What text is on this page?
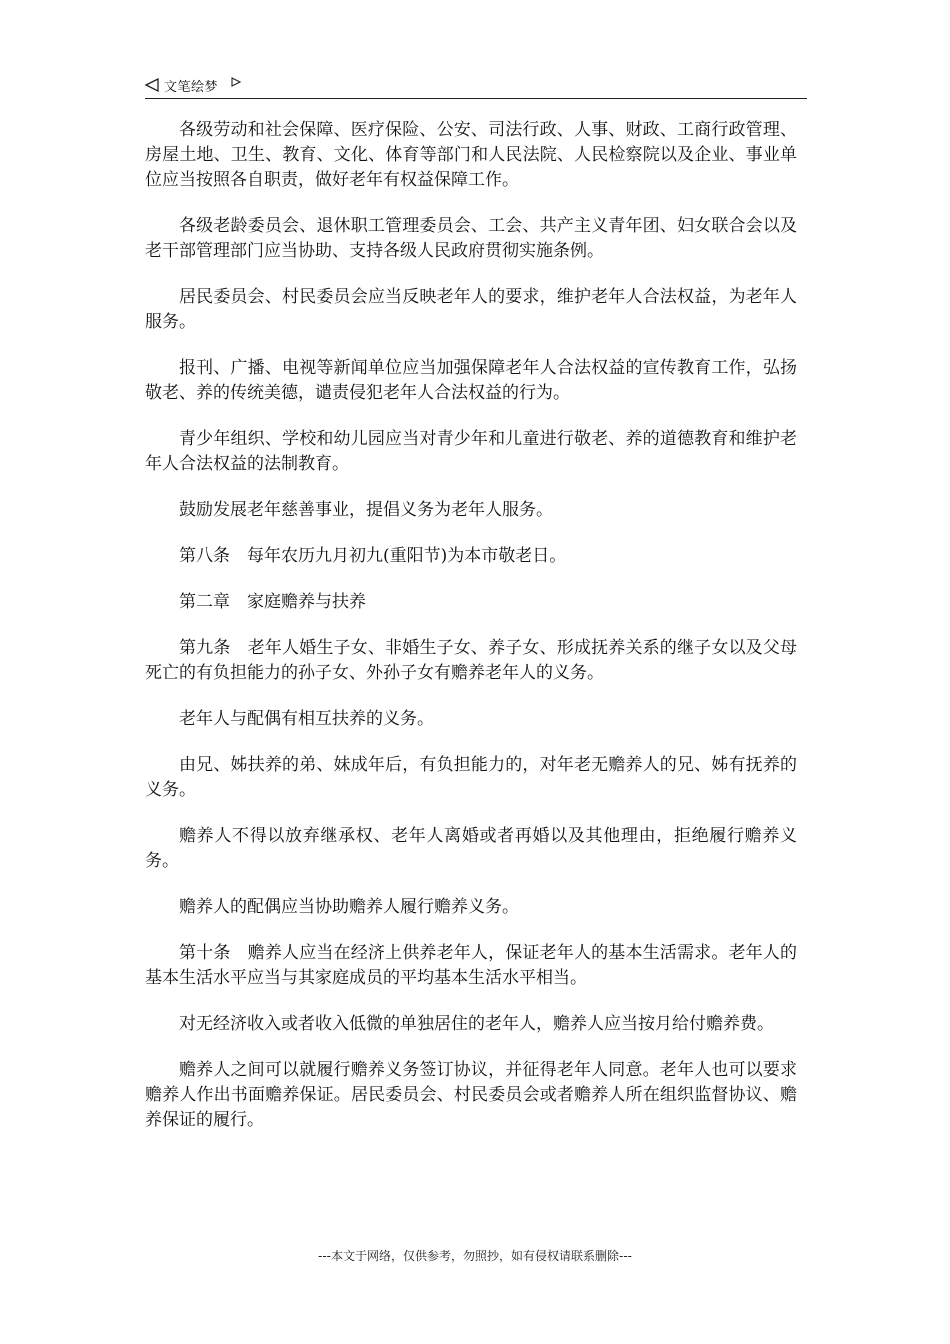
文笔绘梦

各级劳动和社会保障、医疗保险、公安、司法行政、人事、财政、工商行政管理、房屋土地、卫生、教育、文化、体育等部门和人民法院、人民检察院以及企业、事业单位应当按照各自职责，做好老年有权益保障工作。

各级老龄委员会、退休职工管理委员会、工会、共产主义青年团、妇女联合会以及老干部管理部门应当协助、支持各级人民政府贯彻实施条例。

居民委员会、村民委员会应当反映老年人的要求，维护老年人合法权益，为老年人服务。

报刊、广播、电视等新闻单位应当加强保障老年人合法权益的宣传教育工作，弘扬敬老、养的传统美德，谴责侵犯老年人合法权益的行为。

青少年组织、学校和幼儿园应当对青少年和儿童进行敬老、养的道德教育和维护老年人合法权益的法制教育。

鼓励发展老年慈善事业，提倡义务为老年人服务。

第八条　每年农历九月初九(重阳节)为本市敬老日。

第二章　家庭赡养与扶养

第九条　老年人婚生子女、非婚生子女、养子女、形成抚养关系的继子女以及父母死亡的有负担能力的孙子女、外孙子女有赡养老年人的义务。

老年人与配偶有相互扶养的义务。

由兄、姊扶养的弟、妹成年后，有负担能力的，对年老无赡养人的兄、姊有抚养的义务。

赡养人不得以放弃继承权、老年人离婚或者再婚以及其他理由，拒绝履行赡养义务。

赡养人的配偶应当协助赡养人履行赡养义务。

第十条　赡养人应当在经济上供养老年人，保证老年人的基本生活需求。老年人的基本生活水平应当与其家庭成员的平均基本生活水平相当。

对无经济收入或者收入低微的单独居住的老年人，赡养人应当按月给付赡养费。

赡养人之间可以就履行赡养义务签订协议，并征得老年人同意。老年人也可以要求赡养人作出书面赡养保证。居民委员会、村民委员会或者赡养人所在组织监督协议、赡养保证的履行。

---本文于网络，仅供参考，勿照抄，如有侵权请联系删除---
